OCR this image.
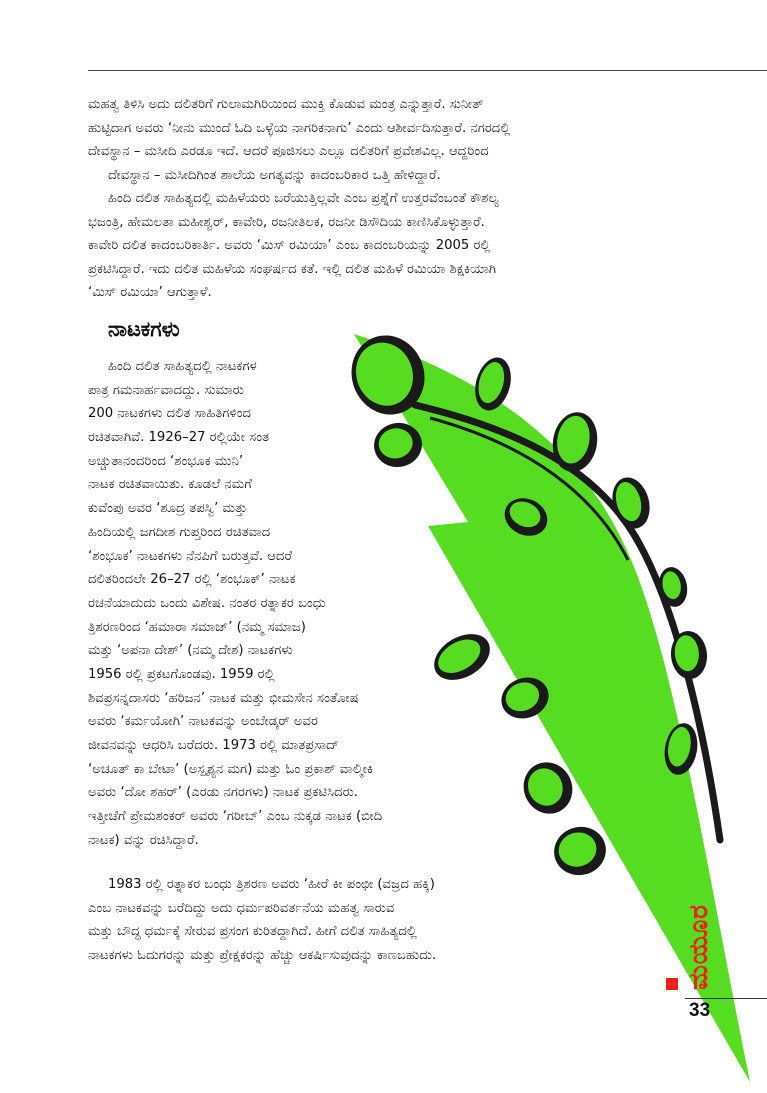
ಮಹತ್ವ ತಿಳಿಸಿ ಅದು ದಲಿತರಿಗೆ ಗುಲಾಮಗಿರಿಯಿಂದ ಮುಕ್ತಿ ಕೊಡುವ ಮಂತ್ರ ಎನ್ನುತ್ತಾರೆ. ಸುನೀತ್
ಹುಟ್ಟಿದಾಗ ಅವರು ‘ನೀನು ಮುಂದೆ ಓದಿ ಒಳ್ಳೆಯ ನಾಗರಿಕನಾಗು’ ಎಂದು ಆಶೀರ್ವದಿಸುತ್ತಾರೆ. ನಗರದಲ್ಲಿ
ದೇವಸ್ಥಾನ – ಮಸೀದಿ ಎರಡೂ ಇದೆ. ಆದರೆ ಪೂಜಿಸಲು ಎಲ್ಲೂ ದಲಿತರಿಗೆ ಪ್ರವೇಶವಿಲ್ಲ. ಆದ್ದರಿಂದ
ದೇವಸ್ಥಾನ – ಮಸೀದಿಗಿಂತ ಶಾಲೆಯ ಅಗತ್ಯವನ್ನು ಕಾದಂಬರಿಕಾರ ಒತ್ತಿ ಹೇಳಿದ್ದಾರೆ.
ಹಿಂದಿ ದಲಿತ ಸಾಹಿತ್ಯದಲ್ಲಿ ಮಹಿಳೆಯರು ಬರೆಯುತ್ತಿಲ್ಲವೇ ಎಂಬ ಪ್ರಶ್ನೆಗೆ ಉತ್ತರವೆಂಬಂತೆ ಕೌಶಲ್ಯ
ಭಜಂತ್ರಿ, ಹೇಮಲತಾ ಮಹೀಶ್ವರ್, ಕಾವೇರಿ, ರಜನೀತಿಲಕ, ರಜನೀ ಡಿಸೌದಿಯ ಕಾಣಿಸಿಕೊಳ್ಳುತ್ತಾರೆ.
ಕಾವೇರಿ ದಲಿತ ಕಾದಂಬರಿಕಾರ್ತಿ. ಅವರು ‘ಮಿಸ್ ರಮಿಯಾ’ ಎಂಬ ಕಾದಂಬರಿಯನ್ನು 2005 ರಲ್ಲಿ
ಪ್ರಕಟಿಸಿದ್ದಾರೆ. ಇದು ದಲಿತ ಮಹಿಳೆಯ ಸಂಘರ್ಷದ ಕತೆ. ಇಲ್ಲಿ ದಲಿತ ಮಹಿಳೆ ರಮಿಯಾ ಶಿಕ್ಷಕಿಯಾಗಿ
‘ಮಿಸ್ ರಮಿಯಾ’ ಆಗುತ್ತಾಳೆ.
ನಾಟಕಗಳು
ಹಿಂದಿ ದಲಿತ ಸಾಹಿತ್ಯದಲ್ಲಿ ನಾಟಕಗಳ
ಪಾತ್ರ ಗಮನಾರ್ಹವಾದದ್ದು. ಸುಮಾರು
200 ನಾಟಕಗಳು ದಲಿತ ಸಾಹಿತಿಗಳಿಂದ
ರಚಿತವಾಗಿವೆ. 1926–27 ರಲ್ಲಿಯೇ ಸಂತ
ಅಚ್ಚುತಾನಂದರಿಂದ ‘ಶಂಭೂಕ ಮುನಿ’
ನಾಟಕ ರಚಿತವಾಯಿತು. ಕೂಡಲೆ ನಮಗೆ
ಕುವೆಂಪು ಅವರ ‘ಶೂದ್ರ ತಪಸ್ವಿ’ ಮತ್ತು
ಹಿಂದಿಯಲ್ಲಿ ಜಗದೀಶ ಗುಪ್ತರಿಂದ ರಚಿತವಾದ
‘ಶಂಭೂಕ’ ನಾಟಕಗಳು ನೆನಪಿಗೆ ಬರುತ್ತವೆ. ಆದರೆ
ದಲಿತರಿಂದಲೇ 26–27 ರಲ್ಲಿ ‘ಶಂಭೂಕ್’ ನಾಟಕ
ರಚನೆಯಾದುದು ಒಂದು ವಿಶೇಷ. ನಂತರ ರತ್ನಾಕರ ಬಂಧು
ತ್ರಿಶರಣರಿಂದ ‘ಹಮಾರಾ ಸಮಾಜ್’ (ನಮ್ಮ ಸಮಾಜ)
ಮತ್ತು ‘ಅಪನಾ ದೇಶ್’ (ನಮ್ಮ ದೇಶ) ನಾಟಕಗಳು
1956 ರಲ್ಲಿ ಪ್ರಕಟಗೊಂಡವು. 1959 ರಲ್ಲಿ
ಶಿವಪ್ರಸನ್ನದಾಸರು ‘ಹರಿಜನ’ ನಾಟಕ ಮತ್ತು ಭೀಮಸೇನ ಸಂತೋಷ
ಅವರು ‘ಕರ್ಮಯೋಗಿ’ ನಾಟಕವನ್ನು ಅಂಬೇಡ್ಕರ್ ಅವರ
ಜೀವನವನ್ನು ಆಧರಿಸಿ ಬರೆದರು. 1973 ರಲ್ಲಿ ಮಾತಪ್ರಸಾದ್
‘ಅಚೂತ್ ಕಾ ಬೇಟಾ’ (ಅಸ್ಪೃಶ್ಯನ ಮಗ) ಮತ್ತು ಓಂ ಪ್ರಕಾಶ್ ವಾಲ್ಮೀಕಿ
ಅವರು ‘ದೋ ಶಹರ್’ (ಎರಡು ನಗರಗಳು) ನಾಟಕ ಪ್ರಕಟಿಸಿದರು.
ಇತ್ತೀಚೆಗೆ ಪ್ರೇಮಶಂಕರ್ ಅವರು ‘ಗರೀಬ್’ ಎಂಬ ನುಕ್ಕಡ ನಾಟಕ (ಬೀದಿ
ನಾಟಕ) ವನ್ನು ರಚಿಸಿದ್ದಾರೆ.
1983 ರಲ್ಲಿ ರತ್ನಾಕರ ಬಂಧು ತ್ರಿಶರಣ ಅವರು ‘ಹೀರೆ ಕೀ ಪಂಛೀ (ವಜ್ರದ ಹಕ್ಕಿ)
ಎಂಬ ನಾಟಕವನ್ನು ಬರೆದಿದ್ದು ಅದು ಧರ್ಮಪರಿವರ್ತನೆಯ ಮಹತ್ವ ಸಾರುವ
ಮತ್ತು ಬೌದ್ಧ ಧರ್ಮಕ್ಕೆ ಸೇರುವ ಪ್ರಸಂಗ ಕುರಿತದ್ದಾಗಿದೆ. ಹೀಗೆ ದಲಿತ ಸಾಹಿತ್ಯದಲ್ಲಿ
ನಾಟಕಗಳು ಓದುಗರನ್ನು ಮತ್ತು ಪ್ರೇಕ್ಷಕರನ್ನು ಹೆಚ್ಚು ಆಕರ್ಷಿಸುವುದನ್ನು ಕಾಣಬಹುದು.	ಮಯೂರ
33
